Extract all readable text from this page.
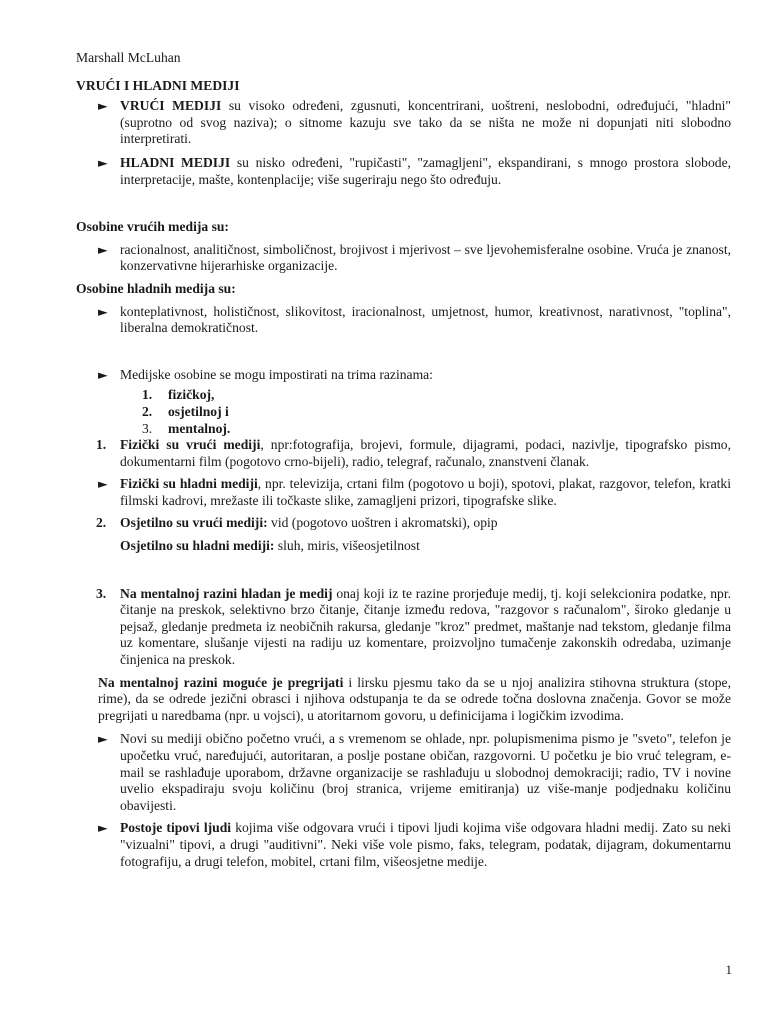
Marshall McLuhan

VRUĆI I HLADNI MEDIJI

► VRUĆI MEDIJI su visoko određeni, zgusnuti, koncentrirani, uoštreni, neslobodni, određujući, "hladni" (suprotno od svog naziva); o sitnome kazuju sve tako da se ništa ne može ni dopunjati niti slobodno interpretirati.
► HLADNI MEDIJI su nisko određeni, "rupičasti", "zamagljeni", ekspandirani, s mnogo prostora slobode, interpretacije, mašte, kontenplacije; više sugeriraju nego što određuju.

Osobine vrućih medija su:

► racionalnost, analitičnost, simboličnost, brojivost i mjerivost – sve ljevohemisferalne osobine. Vruća je znanost, konzervativne hijerarhiske organizacije.

Osobine hladnih medija su:

► konteplativnost, holističnost, slikovitost, iracionalnost, umjetnost, humor, kreativnost, narativnost, "toplina", liberalna demokratičnost.
► Medijske osobine se mogu impostirati na trima razinama:
1.	fizičkoj,
2.	osjetilnoj i
3.	mentalnoj.
1.	Fizički su vrući mediji, npr:fotografija, brojevi, formule, dijagrami, podaci, nazivlje, tipografsko pismo, dokumentarni film (pogotovo crno-bijeli), radio, telegraf, računalo, znanstveni članak.
► Fizički su hladni mediji, npr. televizija, crtani film (pogotovo u boji), spotovi, plakat, razgovor, telefon, kratki filmski kadrovi, mrežaste ili točkaste slike, zamagljeni prizori, tipografske slike.
2.	Osjetilno su vrući mediji: vid (pogotovo uoštren i akromatski), opip

Osjetilno su hladni mediji: sluh, miris, višeosjetilnost

3.	Na mentalnoj razini hladan je medij onaj koji iz te razine prorjeđuje medij, tj. koji selekcionira podatke, npr. čitanje na preskok, selektivno brzo čitanje, čitanje između redova, "razgovor s računalom", široko gledanje u pejsaž, gledanje predmeta iz neobičnih rakursa, gledanje "kroz" predmet, maštanje nad tekstom, gledanje filma uz komentare, slušanje vijesti na radiju uz komentare, proizvoljno tumačenje zakonskih odredaba, uzimanje činjenica na preskok.

Na mentalnoj razini moguće je pregrijati i lirsku pjesmu tako da se u njoj analizira stihovna struktura (stope, rime), da se odrede jezični obrasci i njihova odstupanja te da se odrede točna doslovna značenja. Govor se može pregrijati u naredbama (npr. u vojsci), u atoritarnom govoru, u definicijama i logičkim izvodima.

► Novi su mediji obično početno vrući, a s vremenom se ohlade, npr. polupismenima pismo je "sveto", telefon je upočetku vruć, naređujući, autoritaran, a poslje postane običan, razgovorni. U početku je bio vruć telegram, e-mail se rashlađuje uporabom, državne organizacije se rashlađuju u slobodnoj demokraciji; radio, TV i novine uvelio ekspadiraju svoju količinu (broj stranica, vrijeme emitiranja) uz više-manje podjednaku količinu obavijesti.
► Postoje tipovi ljudi kojima više odgovara vrući i tipovi ljudi kojima više odgovara hladni medij. Zato su neki "vizualni" tipovi, a drugi "auditivni". Neki više vole pismo, faks, telegram, podatak, dijagram, dokumentarnu fotografiju, a drugi telefon, mobitel, crtani film, višeosjetne medije.
1
